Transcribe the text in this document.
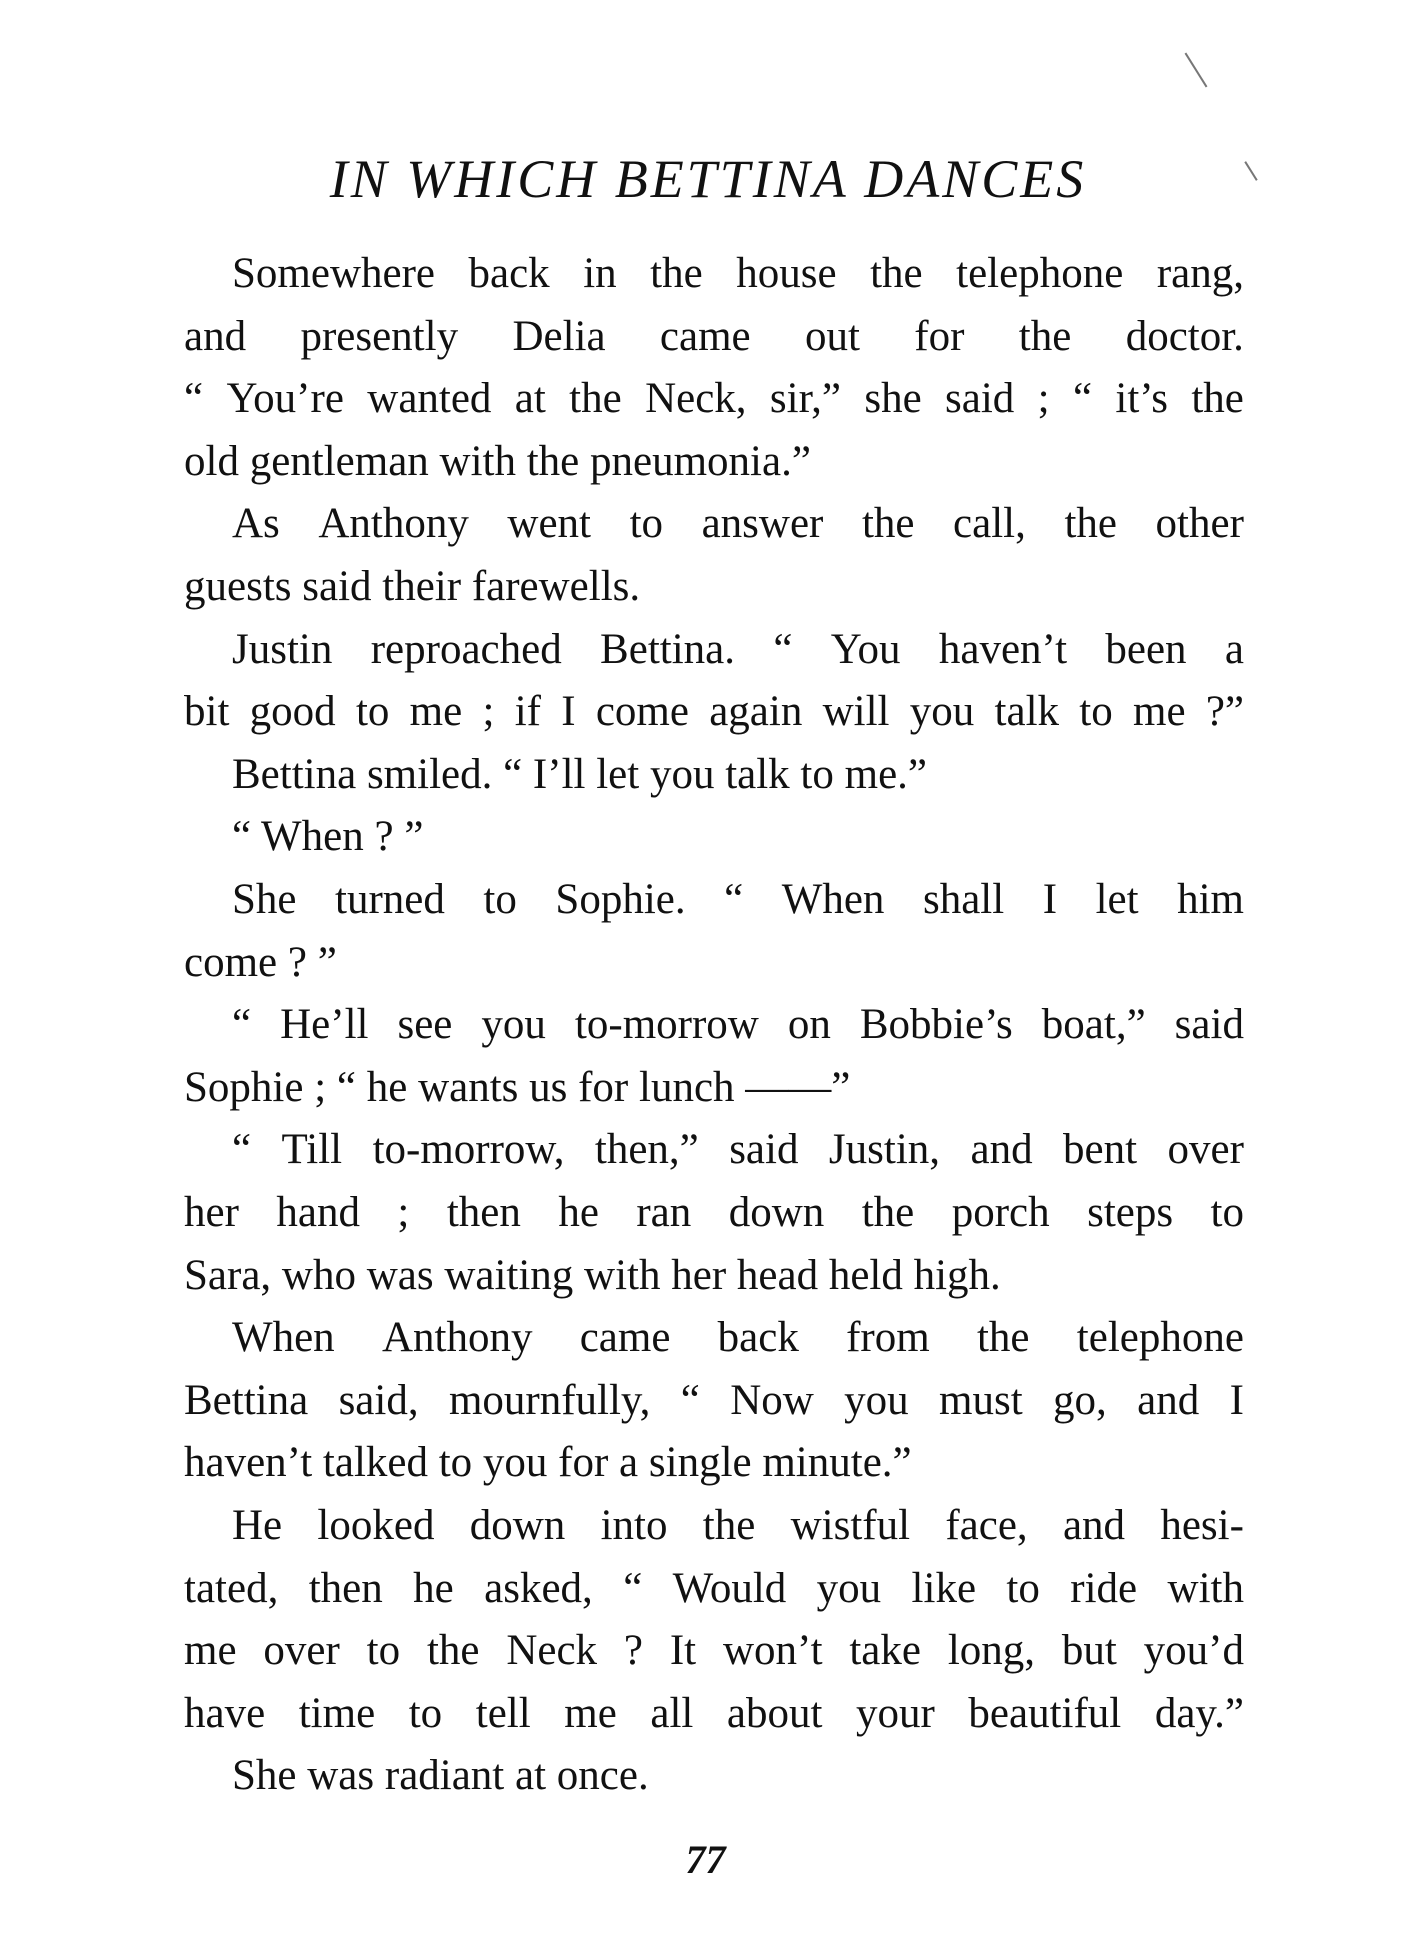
IN WHICH BETTINA DANCES
Somewhere back in the house the telephone rang,
and presently Delia came out for the doctor.
“ You’re wanted at the Neck, sir,” she said ; “ it’s the
old gentleman with the pneumonia.”
As Anthony went to answer the call, the other
guests said their farewells.
Justin reproached Bettina. “ You haven’t been a
bit good to me ; if I come again will you talk to me ?”
Bettina smiled. “ I’ll let you talk to me.”
“ When ? ”
She turned to Sophie. “ When shall I let him
come ? ”
“ He’ll see you to-morrow on Bobbie’s boat,” said
Sophie ; “ he wants us for lunch ——”
“ Till to-morrow, then,” said Justin, and bent over
her hand ; then he ran down the porch steps to
Sara, who was waiting with her head held high.
When Anthony came back from the telephone
Bettina said, mournfully, “ Now you must go, and I
haven’t talked to you for a single minute.”
He looked down into the wistful face, and hesi-
tated, then he asked, “ Would you like to ride with
me over to the Neck ? It won’t take long, but you’d
have time to tell me all about your beautiful day.”
She was radiant at once.
77
